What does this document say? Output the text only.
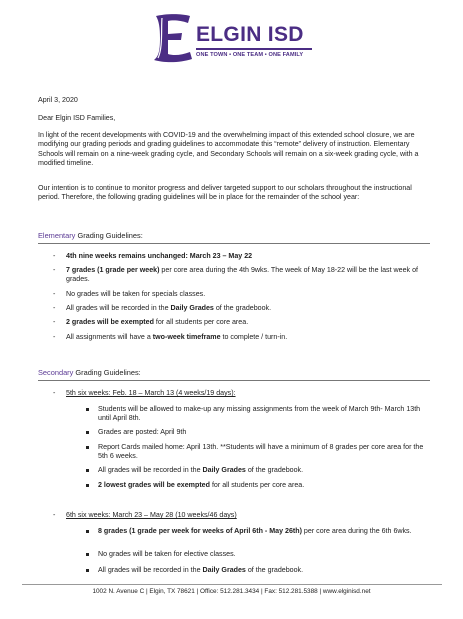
ELGIN ISD
ONE TOWN • ONE TEAM • ONE FAMILY
April 3, 2020
Dear Elgin ISD Families,
In light of the recent developments with COVID-19 and the overwhelming impact of this extended school closure, we are modifying our grading periods and grading guidelines to accommodate this “remote” delivery of instruction. Elementary Schools will remain on a nine-week grading cycle, and Secondary Schools will remain on a six-week grading cycle, with a modified timeline.
Our intention is to continue to monitor progress and deliver targeted support to our scholars throughout the instructional period. Therefore, the following grading guidelines will be in place for the remainder of the school year:
Elementary Grading Guidelines:
- 4th nine weeks remains unchanged: March 23 – May 22
- 7 grades (1 grade per week) per core area during the 4th 9wks. The week of May 18-22 will be the last week of grades.
- No grades will be taken for specials classes.
- All grades will be recorded in the Daily Grades of the gradebook.
- 2 grades will be exempted for all students per core area.
- All assignments will have a two-week timeframe to complete / turn-in.
Secondary Grading Guidelines:
5th six weeks: Feb. 18 – March 13 (4 weeks/19 days):
-
Students will be allowed to make-up any missing assignments from the week of March 9th- March 13th until April 8th.
Grades are posted: April 9th
Report Cards mailed home: April 13th. **Students will have a minimum of 8 grades per core area for the 5th 6 weeks.
All grades will be recorded in the Daily Grades of the gradebook.
2 lowest grades will be exempted for all students per core area.
6th six weeks: March 23 – May 28 (10 weeks/46 days)
-
8 grades (1 grade per week for weeks of April 6th - May 26th) per core area during the 6th 6wks.
No grades will be taken for elective classes.
All grades will be recorded in the Daily Grades of the gradebook.
1002 N. Avenue C | Elgin, TX 78621 | Office: 512.281.3434 | Fax: 512.281.5388 | www.elginisd.net
